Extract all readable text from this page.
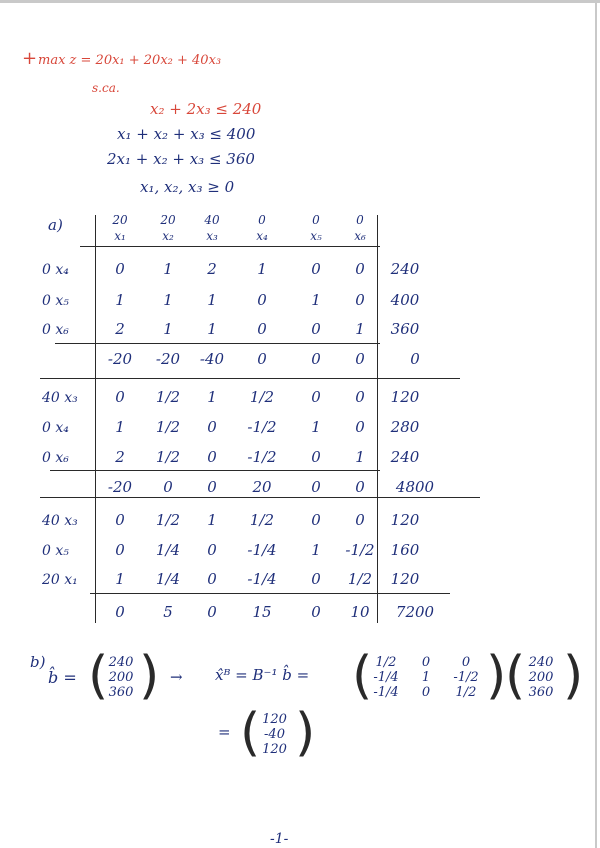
+ max z = 20x₁ + 20x₂ + 40x₃
s.ca.
x₂ + 2x₃ ≤ 240
x₁ + x₂ + x₃ ≤ 400
2x₁ + x₂ + x₃ ≤ 360
x₁, x₂, x₃ ≥ 0
a)	20	20 40	0	0	0
x₁	x₂	x₃	x₄	x₅	x₆
0 x₄	0	1 2	1	0 0 240
0 x₅	1	1 1	0	1 0 400
0 x₆	2	1 1	0	0 1 360
-20 -20 -40 0	0 0	0
40 x₃ 0 1/2 1 1/2 0 0 120
0 x₄	1 1/2 0 -1/2 1 0 280
0 x₆	2 1/2 0 -1/2 0 1 240
-20 0 0 20	0 0 4800
40 x₃ 0 1/2 1 1/2 0 0 120
0 x₅	0 1/4 0 -1/4 1 -1/2 160
20 x₁ 1 1/4 0 -1/4 0 1/2 120
0	5 0 15	0 10 7200
b)
b̂ = ( 240
200
360 ) → x̂ᴮ = B⁻¹ b̂ = ( 1/2	0	0
-1/4	1	-1/2
-1/4	0	1/2 )
( 240
200
360 )
= ( 120
-40
120 )
-1-
